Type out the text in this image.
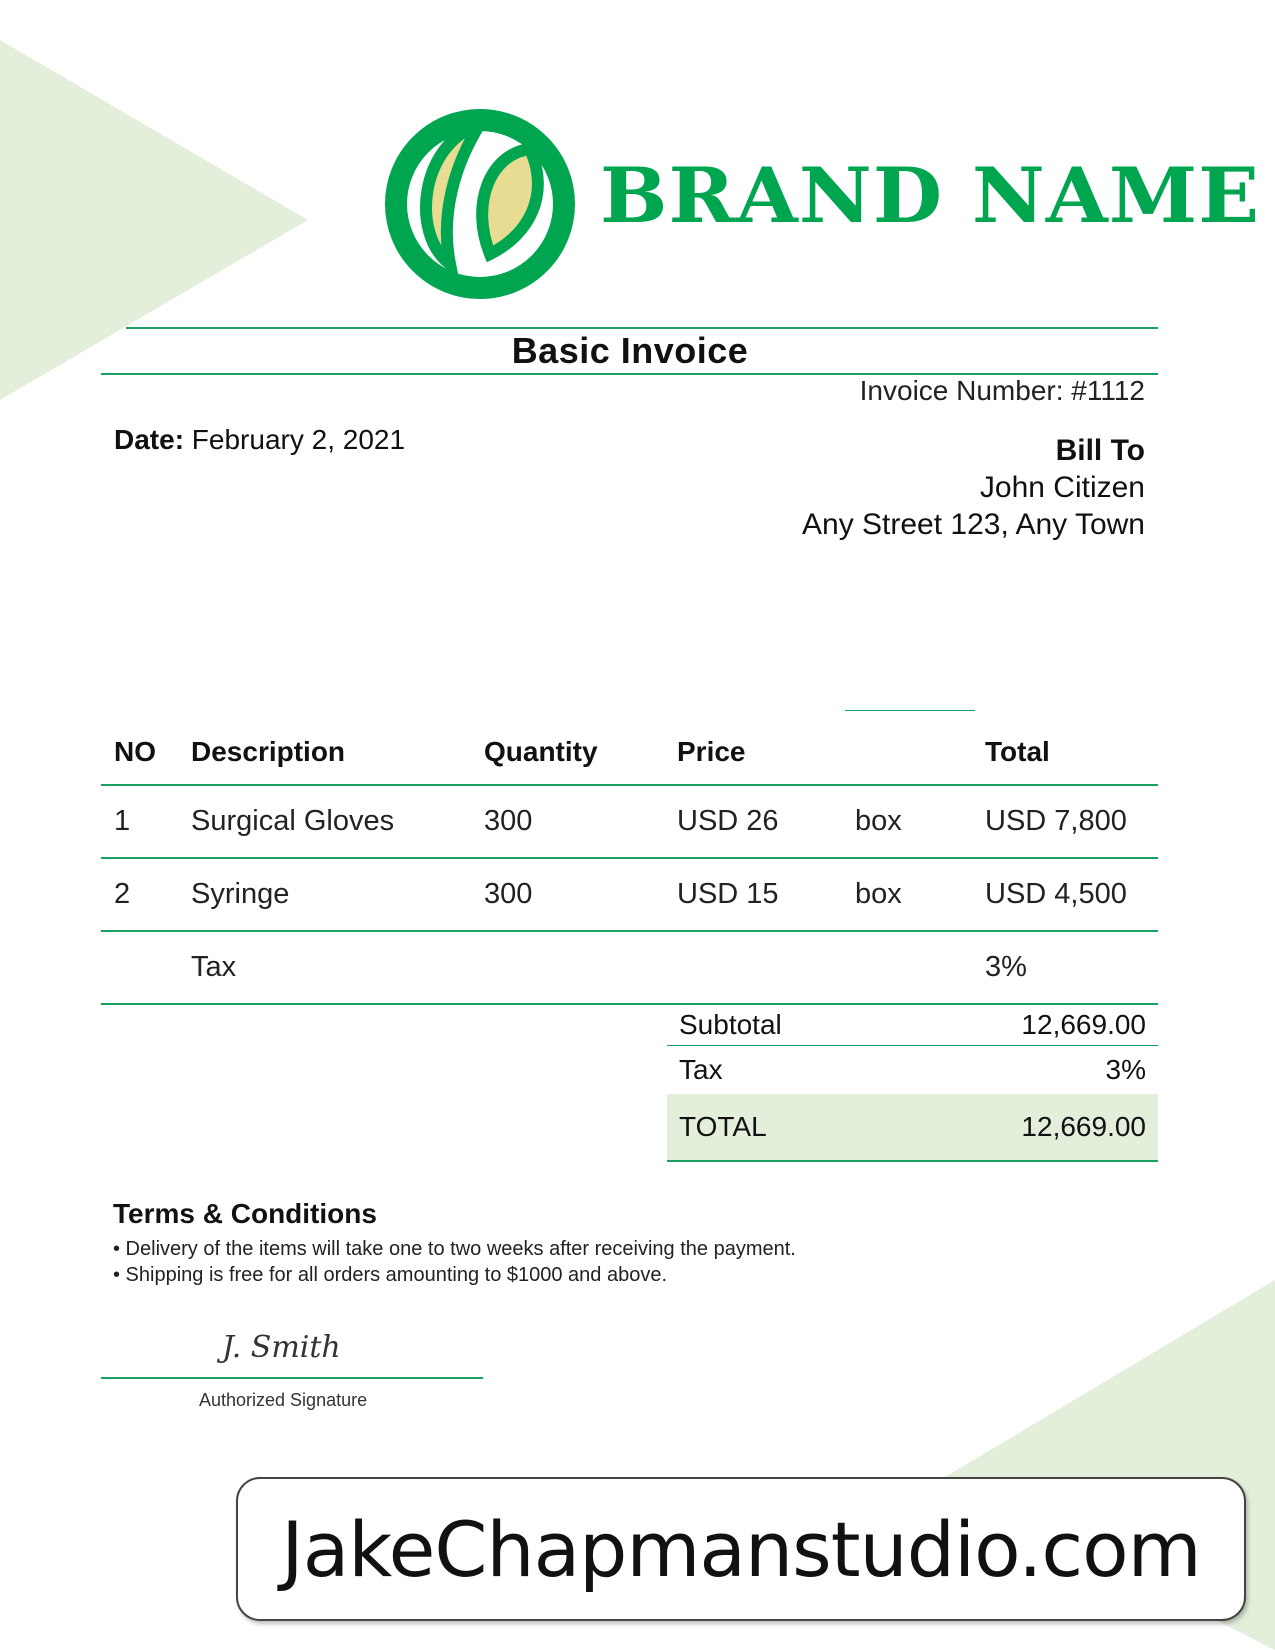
BRAND NAME
Basic Invoice
Invoice Number: #1112
Date: February 2, 2021	Bill To
John Citizen
Any Street 123, Any Town
NO	Description	Quantity	Price		Total
1	Surgical Gloves	300	USD 26	box	USD 7,800
2	Syringe	300	USD 15	box	USD 4,500
	Tax				3%
Subtotal	12,669.00
Tax	3%
TOTAL	12,669.00
Terms & Conditions
• Delivery of the items will take one to two weeks after receiving the payment.
• Shipping is free for all orders amounting to $1000 and above.
J. Smith
Authorized Signature
JakeChapmanstudio.com
